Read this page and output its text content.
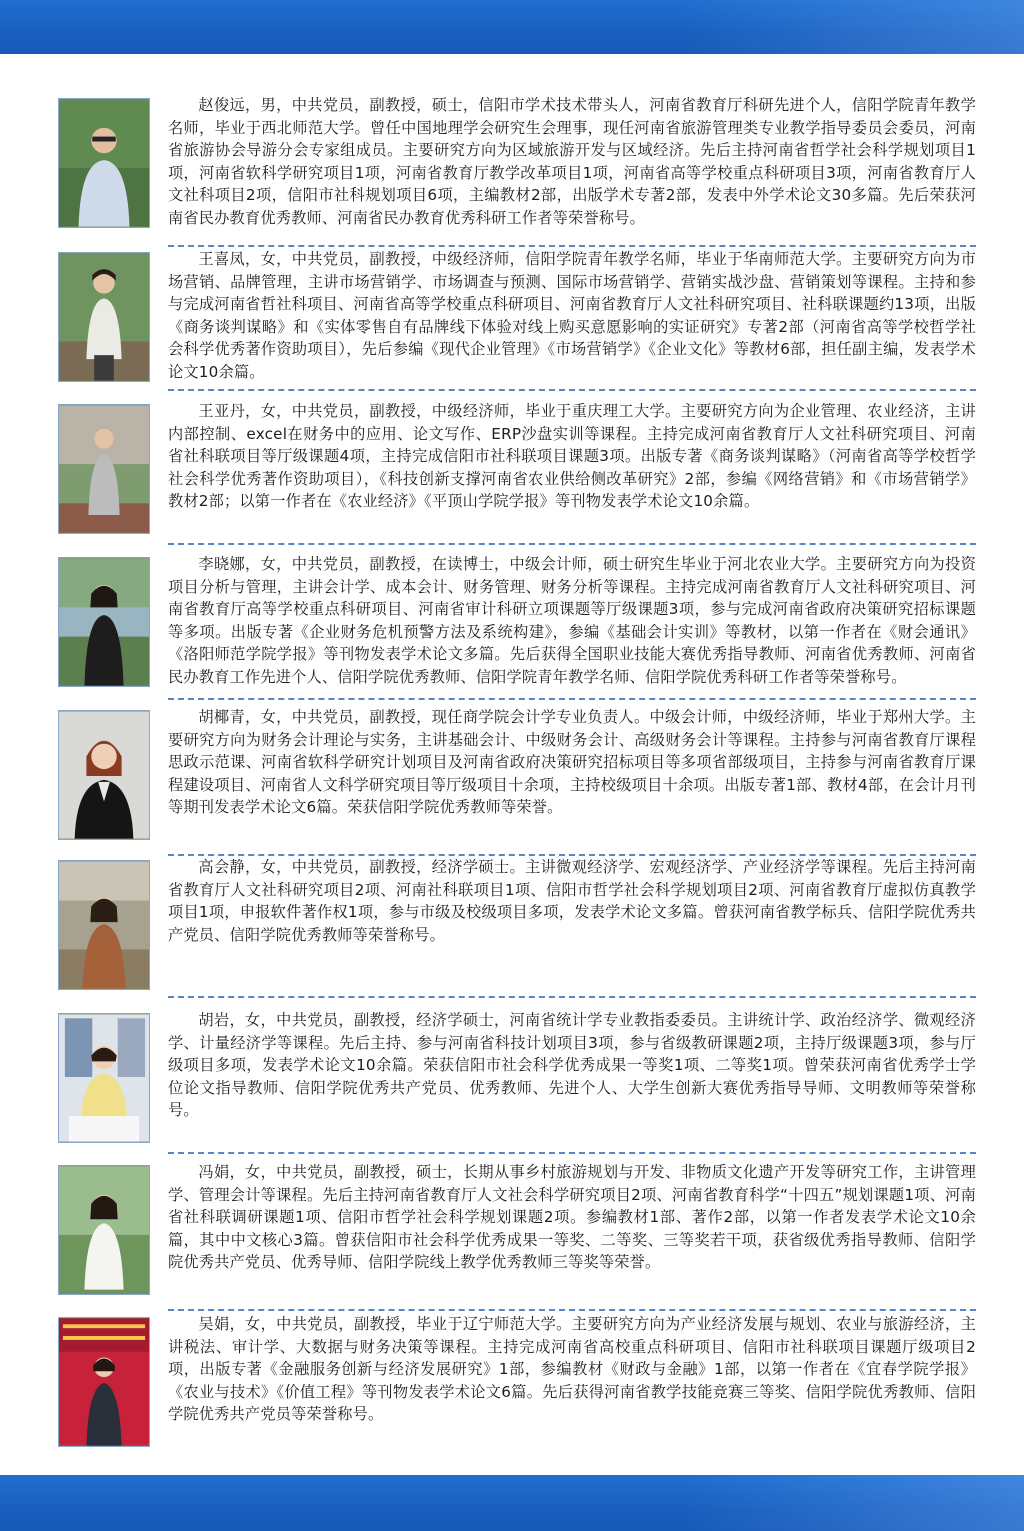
赵俊远，男，中共党员，副教授，硕士，信阳市学术技术带头人，河南省教育厅科研先进个人，信阳学院青年教学名师，毕业于西北师范大学。曾任中国地理学会研究生会理事，现任河南省旅游管理类专业教学指导委员会委员，河南省旅游协会导游分会专家组成员。主要研究方向为区域旅游开发与区域经济。先后主持河南省哲学社会科学规划项目1项，河南省软科学研究项目1项，河南省教育厅教学改革项目1项，河南省高等学校重点科研项目3项，河南省教育厅人文社科项目2项，信阳市社科规划项目6项，主编教材2部，出版学术专著2部，发表中外学术论文30多篇。先后荣获河南省民办教育优秀教师、河南省民办教育优秀科研工作者等荣誉称号。

王喜凤，女，中共党员，副教授，中级经济师，信阳学院青年教学名师，毕业于华南师范大学。主要研究方向为市场营销、品牌管理，主讲市场营销学、市场调查与预测、国际市场营销学、营销实战沙盘、营销策划等课程。主持和参与完成河南省哲社科项目、河南省高等学校重点科研项目、河南省教育厅人文社科研究项目、社科联课题约13项，出版《商务谈判谋略》和《实体零售自有品牌线下体验对线上购买意愿影响的实证研究》专著2部（河南省高等学校哲学社会科学优秀著作资助项目），先后参编《现代企业管理》《市场营销学》《企业文化》等教材6部，担任副主编，发表学术论文10余篇。

王亚丹，女，中共党员，副教授，中级经济师，毕业于重庆理工大学。主要研究方向为企业管理、农业经济，主讲内部控制、excel在财务中的应用、论文写作、ERP沙盘实训等课程。主持完成河南省教育厅人文社科研究项目、河南省社科联项目等厅级课题4项，主持完成信阳市社科联项目课题3项。出版专著《商务谈判谋略》（河南省高等学校哲学社会科学优秀著作资助项目），《科技创新支撑河南省农业供给侧改革研究》2部，参编《网络营销》和《市场营销学》教材2部；以第一作者在《农业经济》《平顶山学院学报》等刊物发表学术论文10余篇。

李晓娜，女，中共党员，副教授，在读博士，中级会计师，硕士研究生毕业于河北农业大学。主要研究方向为投资项目分析与管理，主讲会计学、成本会计、财务管理、财务分析等课程。主持完成河南省教育厅人文社科研究项目、河南省教育厅高等学校重点科研项目、河南省审计科研立项课题等厅级课题3项，参与完成河南省政府决策研究招标课题等多项。出版专著《企业财务危机预警方法及系统构建》，参编《基础会计实训》等教材，以第一作者在《财会通讯》《洛阳师范学院学报》等刊物发表学术论文多篇。先后获得全国职业技能大赛优秀指导教师、河南省优秀教师、河南省民办教育工作先进个人、信阳学院优秀教师、信阳学院青年教学名师、信阳学院优秀科研工作者等荣誉称号。

胡椰青，女，中共党员，副教授，现任商学院会计学专业负责人。中级会计师，中级经济师，毕业于郑州大学。主要研究方向为财务会计理论与实务，主讲基础会计、中级财务会计、高级财务会计等课程。主持参与河南省教育厅课程思政示范课、河南省软科学研究计划项目及河南省政府决策研究招标项目等多项省部级项目，主持参与河南省教育厅课程建设项目、河南省人文科学研究项目等厅级项目十余项，主持校级项目十余项。出版专著1部、教材4部，在会计月刊等期刊发表学术论文6篇。荣获信阳学院优秀教师等荣誉。

高会静，女，中共党员，副教授，经济学硕士。主讲微观经济学、宏观经济学、产业经济学等课程。先后主持河南省教育厅人文社科研究项目2项、河南社科联项目1项、信阳市哲学社会科学规划项目2项、河南省教育厅虚拟仿真教学项目1项，申报软件著作权1项，参与市级及校级项目多项，发表学术论文多篇。曾获河南省教学标兵、信阳学院优秀共产党员、信阳学院优秀教师等荣誉称号。

胡岩，女，中共党员，副教授，经济学硕士，河南省统计学专业教指委委员。主讲统计学、政治经济学、微观经济学、计量经济学等课程。先后主持、参与河南省科技计划项目3项，参与省级教研课题2项，主持厅级课题3项，参与厅级项目多项，发表学术论文10余篇。荣获信阳市社会科学优秀成果一等奖1项、二等奖1项。曾荣获河南省优秀学士学位论文指导教师、信阳学院优秀共产党员、优秀教师、先进个人、大学生创新大赛优秀指导导师、文明教师等荣誉称号。

冯娟，女，中共党员，副教授，硕士，长期从事乡村旅游规划与开发、非物质文化遗产开发等研究工作，主讲管理学、管理会计等课程。先后主持河南省教育厅人文社会科学研究项目2项、河南省教育科学“十四五”规划课题1项、河南省社科联调研课题1项、信阳市哲学社会科学规划课题2项。参编教材1部、著作2部，以第一作者发表学术论文10余篇，其中中文核心3篇。曾获信阳市社会科学优秀成果一等奖、二等奖、三等奖若干项，获省级优秀指导教师、信阳学院优秀共产党员、优秀导师、信阳学院线上教学优秀教师三等奖等荣誉。

吴娟，女，中共党员，副教授，毕业于辽宁师范大学。主要研究方向为产业经济发展与规划、农业与旅游经济，主讲税法、审计学、大数据与财务决策等课程。主持完成河南省高校重点科研项目、信阳市社科联项目课题厅级项目2项，出版专著《金融服务创新与经济发展研究》1部，参编教材《财政与金融》1部，以第一作者在《宜春学院学报》《农业与技术》《价值工程》等刊物发表学术论文6篇。先后获得河南省教学技能竞赛三等奖、信阳学院优秀教师、信阳学院优秀共产党员等荣誉称号。
